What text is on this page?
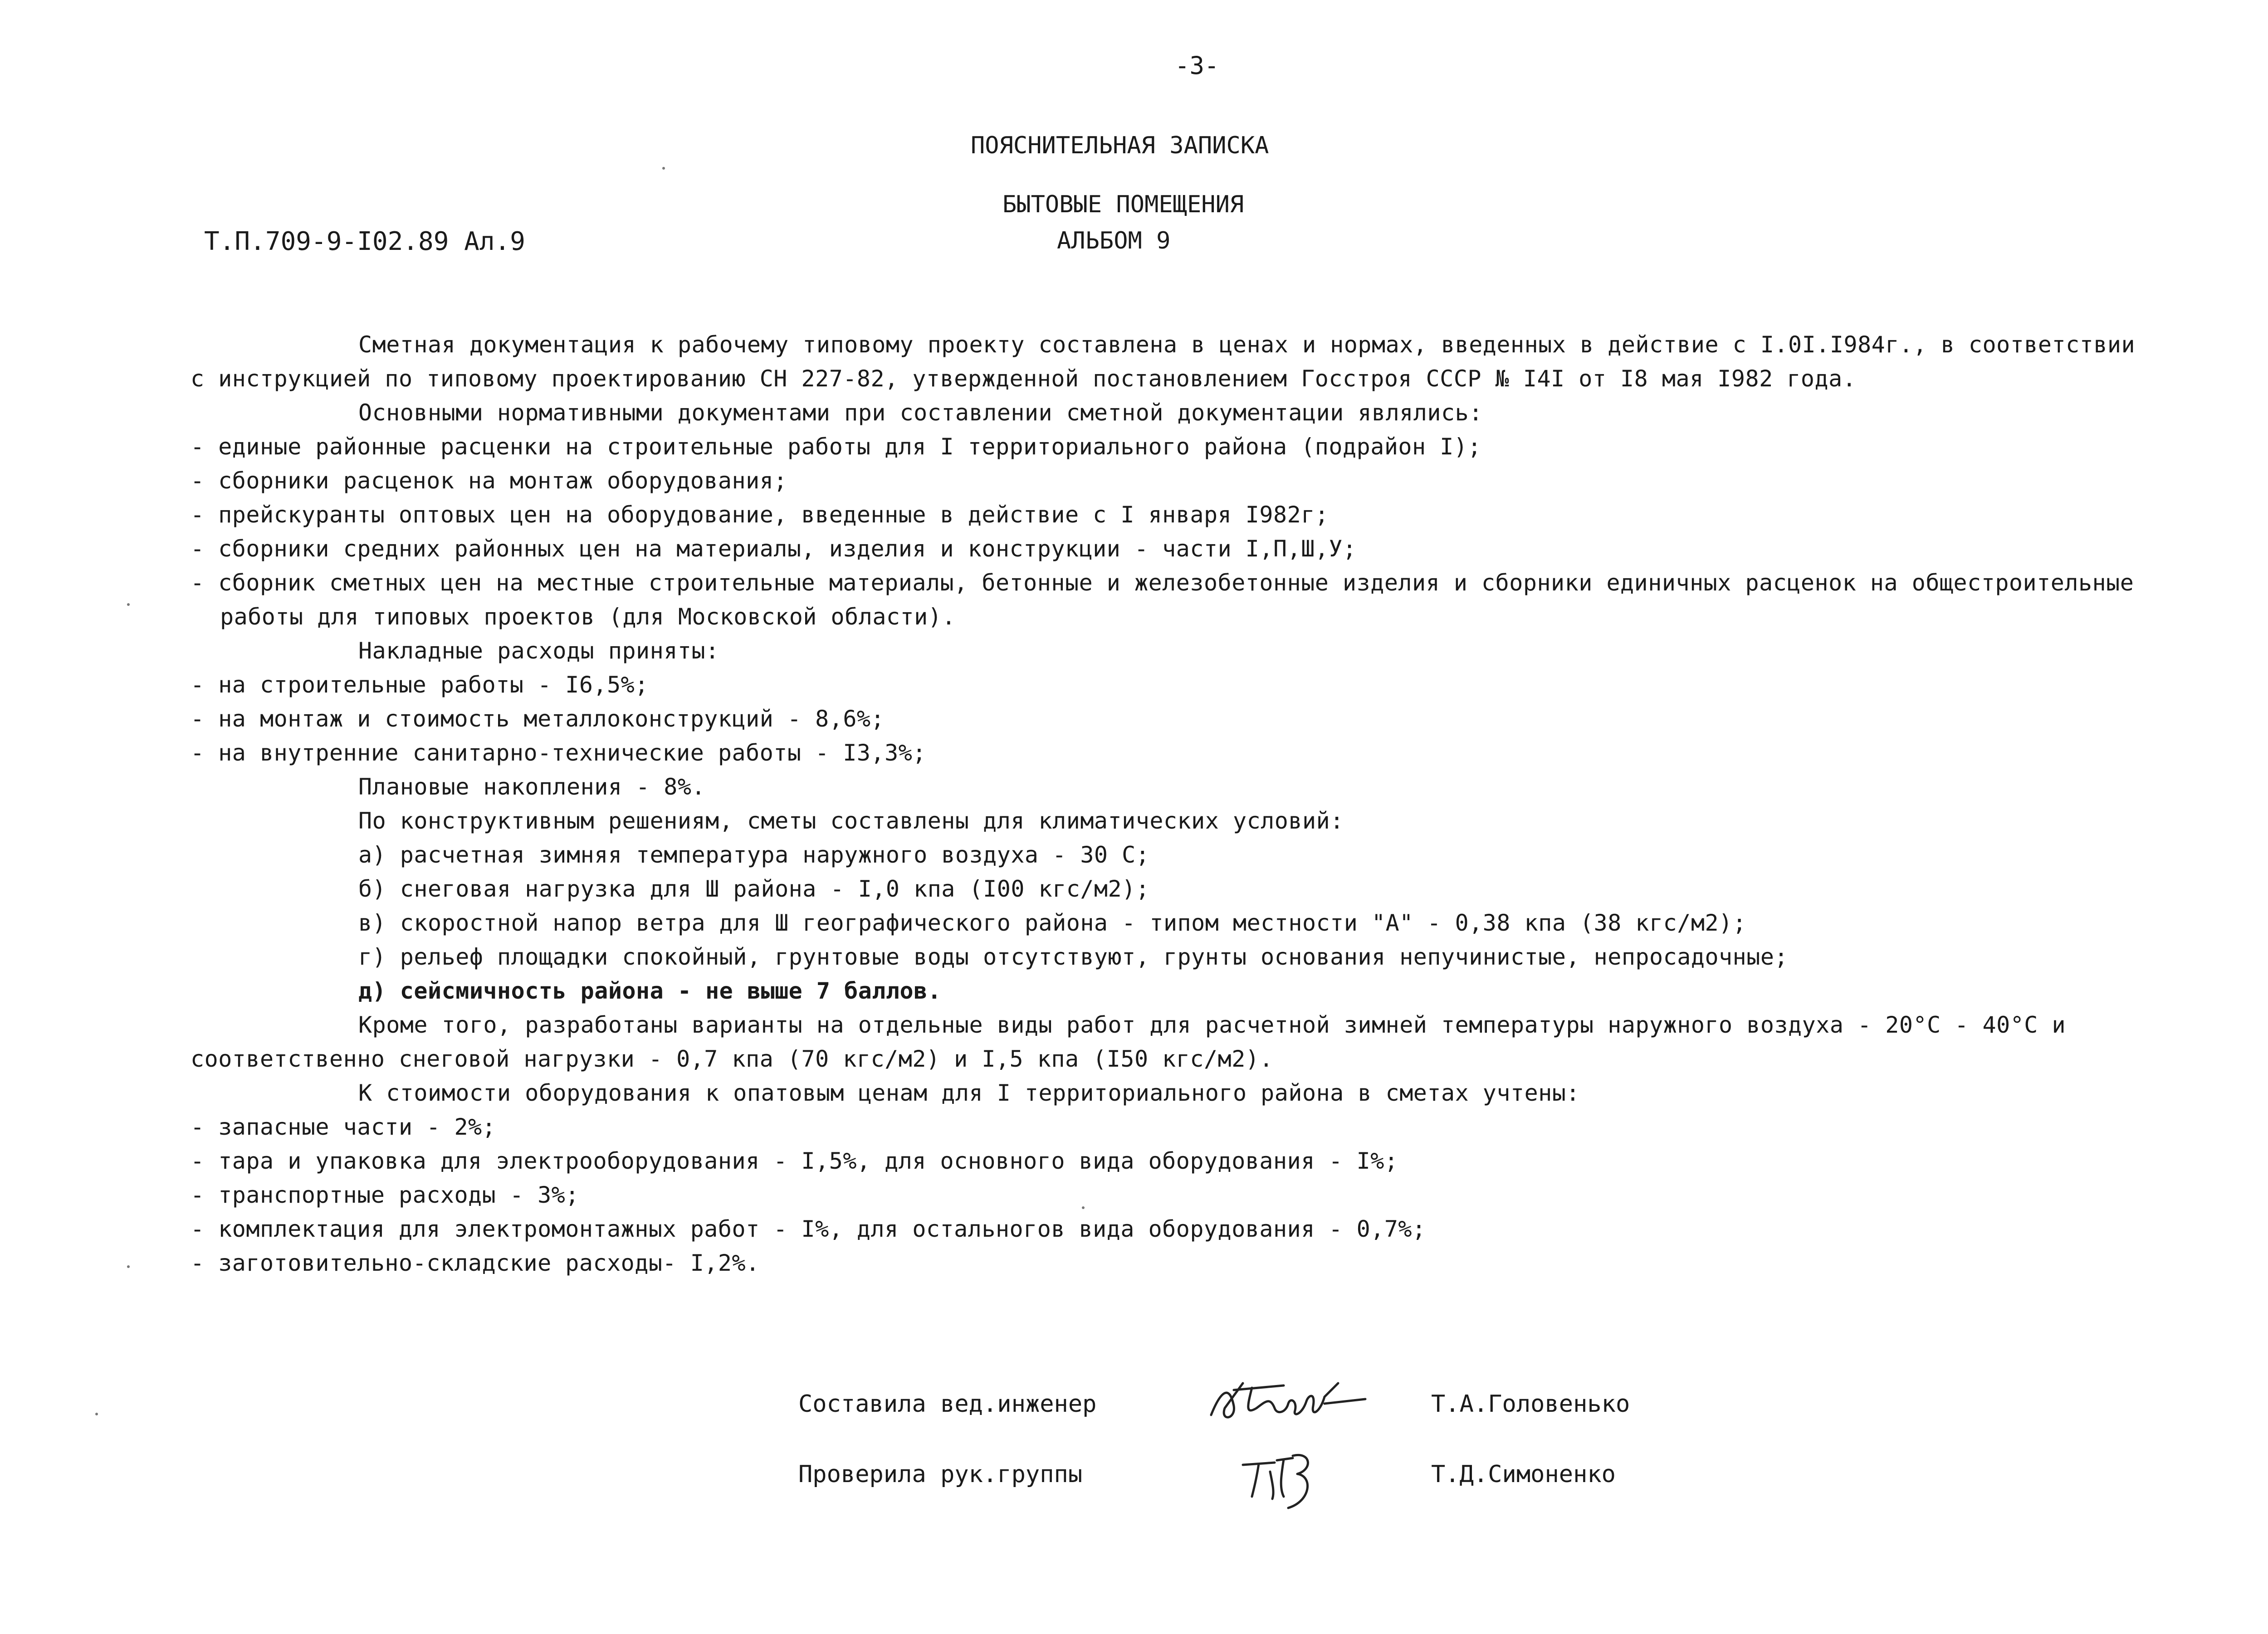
-3-
ПОЯСНИТЕЛЬНАЯ ЗАПИСКА
БЫТОВЫЕ ПОМЕЩЕНИЯ
Т.П.709-9-I02.89 Ал.9	АЛЬБОМ 9
Сметная документация к рабочему типовому проекту составлена в ценах и нормах, введенных в действие с I.0I.I984г., в соответствии
с инструкцией по типовому проектированию СН 227-82, утвержденной постановлением Госстроя СССР № I4I от I8 мая I982 года.
Основными нормативными документами при составлении сметной документации являлись:
- единые районные расценки на строительные работы для I территориального района (подрайон I);
- сборники расценок на монтаж оборудования;
- прейскуранты оптовых цен на оборудование, введенные в действие с I января I982г;
- сборники средних районных цен на материалы, изделия и конструкции - части I,П,Ш,У;
- сборник сметных цен на местные строительные материалы, бетонные и железобетонные изделия и сборники единичных расценок на общестроительные
работы для типовых проектов (для Московской области).
Накладные расходы приняты:
- на строительные работы - I6,5%;
- на монтаж и стоимость металлоконструкций - 8,6%;
- на внутренние санитарно-технические работы - I3,3%;
Плановые накопления - 8%.
По конструктивным решениям, сметы составлены для климатических условий:
а) расчетная зимняя температура наружного воздуха - 30 С;
б) снеговая нагрузка для Ш района - I,0 кпа (I00 кгс/м2);
в) скоростной напор ветра для Ш географического района - типом местности "А" - 0,38 кпа (38 кгс/м2);
г) рельеф площадки спокойный, грунтовые воды отсутствуют, грунты основания непучинистые, непросадочные;
д) сейсмичность района - не выше 7 баллов.
Кроме того, разработаны варианты на отдельные виды работ для расчетной зимней температуры наружного воздуха - 20°С - 40°С и
соответственно снеговой нагрузки - 0,7 кпа (70 кгс/м2) и I,5 кпа (I50 кгс/м2).
К стоимости оборудования к опатовым ценам для I территориального района в сметах учтены:
- запасные части - 2%;
- тара и упаковка для электрооборудования - I,5%, для основного вида оборудования - I%;
- транспортные расходы - 3%;
- комплектация для электромонтажных работ - I%, для остальногов вида оборудования - 0,7%;
- заготовительно-складские расходы- I,2%.
Составила вед.инженер	Т.А.Головенько
Проверила рук.группы	Т.Д.Симоненко
